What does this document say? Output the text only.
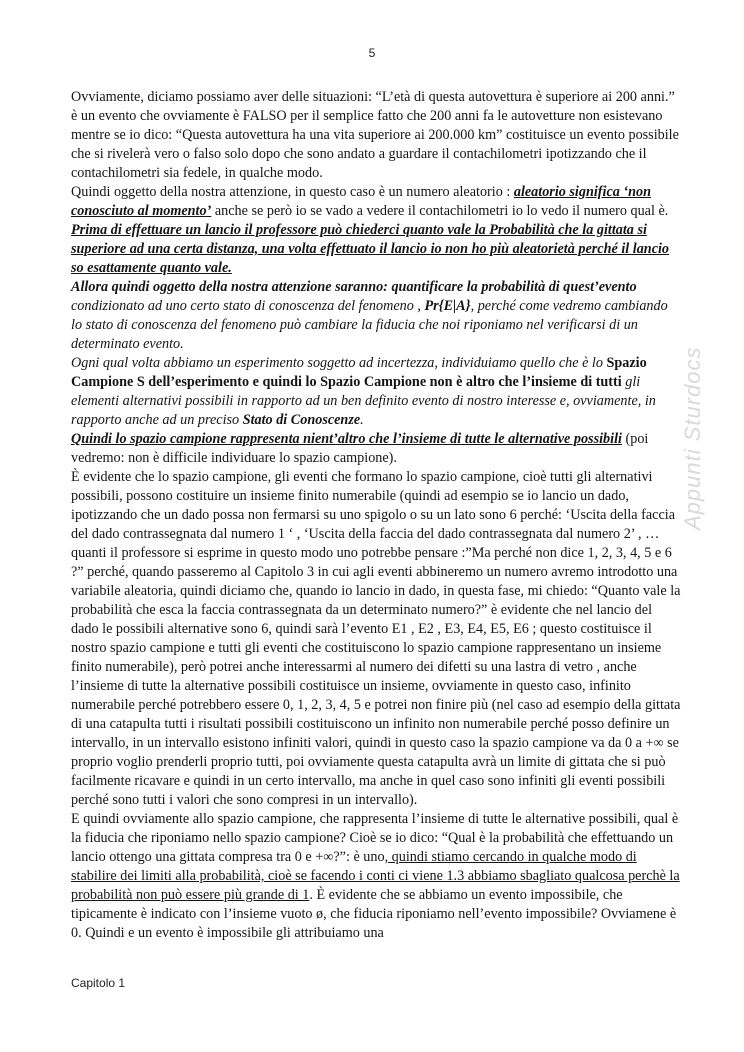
5
Appunti Sturdocs

Ovviamente, diciamo possiamo aver delle situazioni: “L’età di questa autovettura è superiore ai 200 anni.” è un evento che ovviamente è FALSO per il semplice fatto che 200 anni fa le autovetture non esistevano mentre se io dico: “Questa autovettura ha una vita superiore ai 200.000 km” costituisce un evento possibile che si rivelerà vero o falso solo dopo che sono andato a guardare il contachilometri ipotizzando che il contachilometri sia fedele, in qualche modo.

Quindi oggetto della nostra attenzione, in questo caso è un numero aleatorio : aleatorio significa ‘non conosciuto al momento’ anche se però io se vado a vedere il contachilometri io lo vedo il numero qual è. Prima di effettuare un lancio il professore può chiederci quanto vale la Probabilità che la gittata si superiore ad una certa distanza, una volta effettuato il lancio io non ho più aleatorietà perché il lancio so esattamente quanto vale.

Allora quindi oggetto della nostra attenzione saranno: quantificare la probabilità di quest’evento condizionato ad uno certo stato di conoscenza del fenomeno , Pr{E|A}, perché come vedremo cambiando lo stato di conoscenza del fenomeno può cambiare la fiducia che noi riponiamo nel verificarsi di un determinato evento.

Ogni qual volta abbiamo un esperimento soggetto ad incertezza, individuiamo quello che è lo Spazio Campione S dell’esperimento e quindi lo Spazio Campione non è altro che l’insieme di tutti gli elementi alternativi possibili in rapporto ad un ben definito evento di nostro interesse e, ovviamente, in rapporto anche ad un preciso Stato di Conoscenze.

Quindi lo spazio campione rappresenta nient’altro che l’insieme di tutte le alternative possibili (poi vedremo: non è difficile individuare lo spazio campione).

È evidente che lo spazio campione, gli eventi che formano lo spazio campione, cioè tutti gli alternativi possibili, possono costituire un insieme finito numerabile (quindi ad esempio se io lancio un dado, ipotizzando che un dado possa non fermarsi su uno spigolo o su un lato sono 6 perché: ‘Uscita della faccia del dado contrassegnata dal numero 1 ‘ , ‘Uscita della faccia del dado contrassegnata dal numero 2’ , … quanti il professore si esprime in questo modo uno potrebbe pensare :”Ma perché non dice 1, 2, 3, 4, 5 e 6 ?” perché, quando passeremo al Capitolo 3 in cui agli eventi abbineremo un numero avremo introdotto una variabile aleatoria, quindi diciamo che, quando io lancio in dado, in questa fase, mi chiedo: “Quanto vale la probabilità che esca la faccia contrassegnata da un determinato numero?” è evidente che nel lancio del dado le possibili alternative sono 6, quindi sarà l’evento E1 , E2 , E3, E4, E5, E6 ; questo costituisce il nostro spazio campione e tutti gli eventi che costituiscono lo spazio campione rappresentano un insieme finito numerabile), però potrei anche interessarmi al numero dei difetti su una lastra di vetro , anche l’insieme di tutte la alternative possibili costituisce un insieme, ovviamente in questo caso, infinito numerabile perché potrebbero essere 0, 1, 2, 3, 4, 5 e potrei non finire più (nel caso ad esempio della gittata di una catapulta tutti i risultati possibili costituiscono un infinito non numerabile perché posso definire un intervallo, in un intervallo esistono infiniti valori, quindi in questo caso la spazio campione va da 0 a +∞ se proprio voglio prenderli proprio tutti, poi ovviamente questa catapulta avrà un limite di gittata che si può facilmente ricavare e quindi in un certo intervallo, ma anche in quel caso sono infiniti gli eventi possibili perché sono tutti i valori che sono compresi in un intervallo).

E quindi ovviamente allo spazio campione, che rappresenta l’insieme di tutte le alternative possibili, qual è la fiducia che riponiamo nello spazio campione? Cioè se io dico: “Qual è la probabilità che effettuando un lancio ottengo una gittata compresa tra 0 e +∞?”: è uno, quindi stiamo cercando in qualche modo di stabilire dei limiti alla probabilità, cioè se facendo i conti ci viene 1.3 abbiamo sbagliato qualcosa perchè la probabilità non può essere più grande di 1. È evidente che se abbiamo un evento impossibile, che tipicamente è indicato con l’insieme vuoto ø, che fiducia riponiamo nell’evento impossibile? Ovviamene è 0. Quindi e un evento è impossibile gli attribuiamo una

Capitolo 1
